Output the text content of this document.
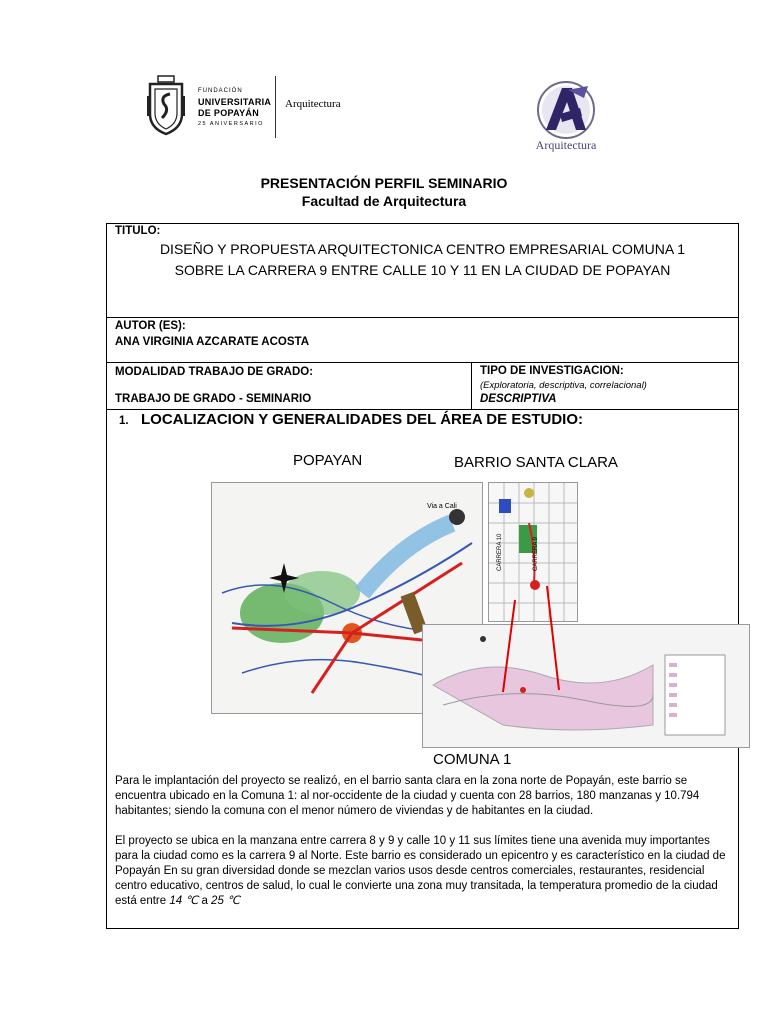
FUNDACIÓN
UNIVERSITARIA
DE POPAYÁN
25 ANIVERSARIO
Arquitectura
Arquitectura
PRESENTACIÓN PERFIL SEMINARIO
Facultad de Arquitectura
TITULO:
DISEÑO Y PROPUESTA ARQUITECTONICA CENTRO EMPRESARIAL COMUNA 1
SOBRE LA CARRERA 9 ENTRE CALLE 10 Y 11 EN LA CIUDAD DE POPAYAN
AUTOR (ES):
ANA VIRGINIA AZCARATE ACOSTA
MODALIDAD TRABAJO DE GRADO:
TRABAJO DE GRADO - SEMINARIO
TIPO DE INVESTIGACION:
(Exploratoria, descriptiva, correlacional)
DESCRIPTIVA
1. LOCALIZACION Y GENERALIDADES DEL ÁREA DE ESTUDIO:
POPAYAN	BARRIO SANTA CLARA
Via a Cali
CARRERA 10	CARRERA 9
COMUNA 1
Para le implantación del proyecto se realizó, en el barrio santa clara en la zona norte de Popayán, este barrio se encuentra ubicado en la Comuna 1: al nor-occidente de la ciudad y cuenta con 28 barrios, 180 manzanas y 10.794 habitantes; siendo la comuna con el menor número de viviendas y de habitantes en la ciudad.
El proyecto se ubica en la manzana entre carrera 8 y 9 y calle 10 y 11 sus límites tiene una avenida muy importantes para la ciudad como es la carrera 9 al Norte. Este barrio es considerado un epicentro y es característico en la ciudad de Popayán En su gran diversidad donde se mezclan varios usos desde centros comerciales, restaurantes, residencial centro educativo, centros de salud, lo cual le convierte una zona muy transitada, la temperatura promedio de la ciudad está entre 14 ℃ a 25 ℃
